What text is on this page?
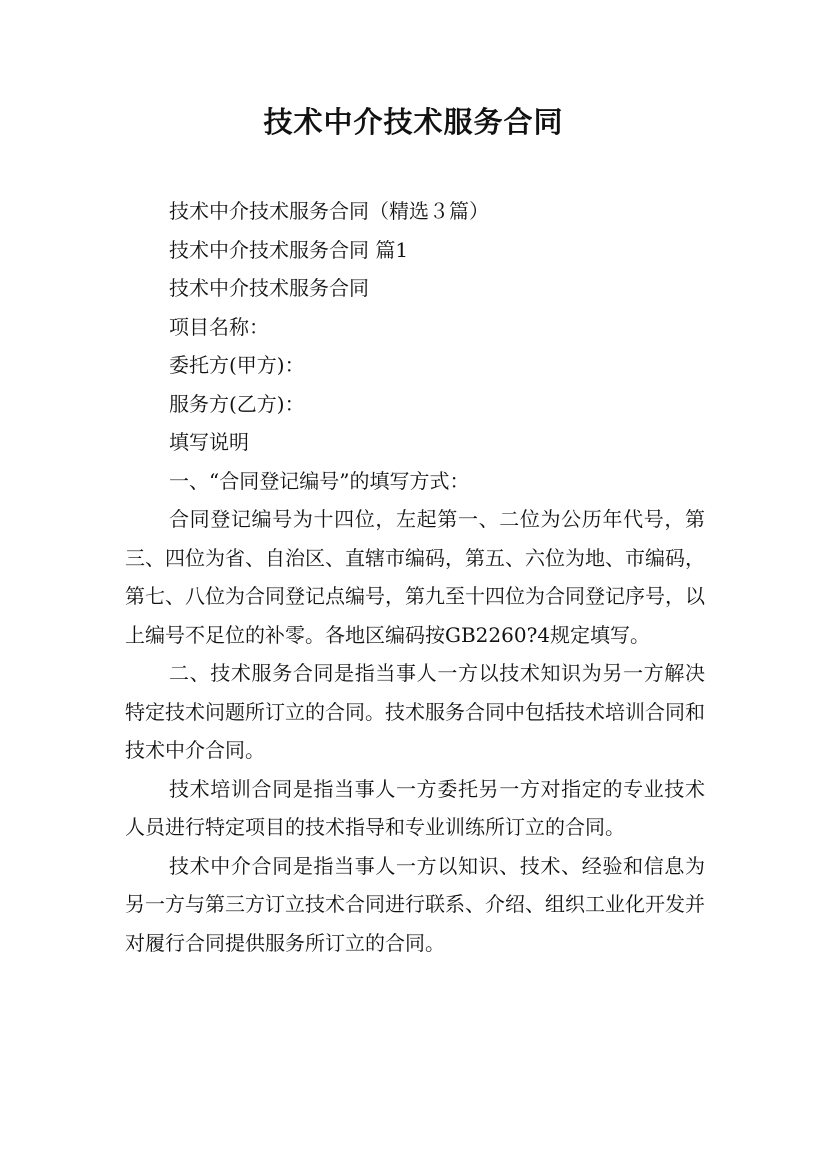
技术中介技术服务合同

技术中介技术服务合同（精选３篇）

技术中介技术服务合同 篇1

技术中介技术服务合同

项目名称：

委托方(甲方)：

服务方(乙方)：

填写说明

一、“合同登记编号”的填写方式：

合同登记编号为十四位，左起第一、二位为公历年代号，第三、四位为省、自治区、直辖市编码，第五、六位为地、市编码，第七、八位为合同登记点编号，第九至十四位为合同登记序号，以上编号不足位的补零。各地区编码按GB2260?4规定填写。

二、技术服务合同是指当事人一方以技术知识为另一方解决特定技术问题所订立的合同。技术服务合同中包括技术培训合同和技术中介合同。

技术培训合同是指当事人一方委托另一方对指定的专业技术人员进行特定项目的技术指导和专业训练所订立的合同。

技术中介合同是指当事人一方以知识、技术、经验和信息为另一方与第三方订立技术合同进行联系、介绍、组织工业化开发并对履行合同提供服务所订立的合同。
